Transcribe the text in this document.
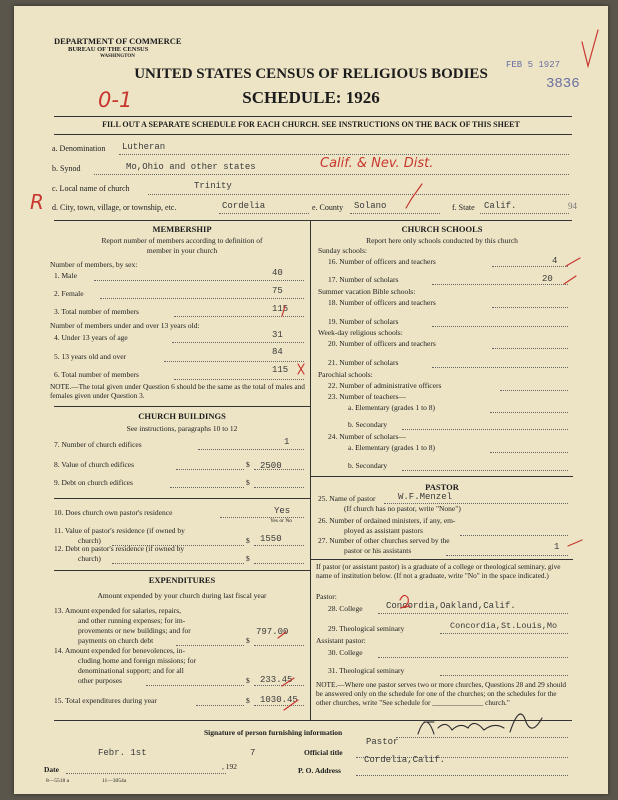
DEPARTMENT OF COMMERCE
BUREAU OF THE CENSUS
WASHINGTON
UNITED STATES CENSUS OF RELIGIOUS BODIES
SCHEDULE: 1926
FEB 5 1927
3836
0-1
R
FILL OUT A SEPARATE SCHEDULE FOR EACH CHURCH. SEE INSTRUCTIONS ON THE BACK OF THIS SHEET
a. Denomination Lutheran
b. Synod	Mo,Ohio and other states	Calif. & Nev. Dist.
c. Local name of church	Trinity
d. City, town, village, or township, etc.	Cordelia	e. County Solano	f. State Calif.	94
MEMBERSHIP
Report number of members according to definition of
member in your church
Number of members, by sex:
1. Male	40
2. Female	75
3. Total number of members	115
Number of members under and over 13 years old:
4. Under 13 years of age	31
5. 13 years old and over	84
6. Total number of members	115
NOTE.—The total given under Question 6 should be the same as the total of males and females given under Question 3.
CHURCH BUILDINGS
See instructions, paragraphs 10 to 12
7. Number of church edifices	1
8. Value of church edifices	$ 2500
9. Debt on church edifices	$
10. Does church own pastor's residence	Yes
Yes or No
11. Value of pastor's residence (if owned by
church)	$ 1550
12. Debt on pastor's residence (if owned by
church)	$
EXPENDITURES
Amount expended by your church during last fiscal year
13. Amount expended for salaries, repairs,
and other running expenses; for im-
provements or new buildings; and for
payments on church debt	$
797.00
14. Amount expended for benevolences, in-
cluding home and foreign missions; for
denominational support; and for all
other purposes	$ 233.45
15. Total expenditures during year	$ 1030.45
CHURCH SCHOOLS
Report here only schools conducted by this church
Sunday schools:
16. Number of officers and teachers	4
17. Number of scholars	20
Summer vacation Bible schools:
18. Number of officers and teachers
19. Number of scholars
Week-day religious schools:
20. Number of officers and teachers
21. Number of scholars
Parochial schools:
22. Number of administrative officers
23. Number of teachers—
a. Elementary (grades 1 to 8)
b. Secondary
24. Number of scholars—
a. Elementary (grades 1 to 8)
b. Secondary
PASTOR
25. Name of pastor	W.F.Menzel
(If church has no pastor, write "None")
26. Number of ordained ministers, if any, em-
ployed as assistant pastors
27. Number of other churches served by the
pastor or his assistants	1
If pastor (or assistant pastor) is a graduate of a college or theological seminary, give name of institution below. (If not a graduate, write "No" in the space indicated.)
Pastor:
28. College	Concordia,Oakland,Calif.
29. Theological seminary	Concordia,St.Louis,Mo
Assistant pastor:
30. College
31. Theological seminary
NOTE.—Where one pastor serves two or more churches, Questions 28 and 29 should be answered only on the schedule for one of the churches; on the schedules for the other churches, write "See schedule for ______________ church."
Signature of person furnishing information
Official title
Pastor
Date
Febr. 1st	7
, 192	P. O. Address
Cordelia,Calif.
8—5518 a	11—3054a
